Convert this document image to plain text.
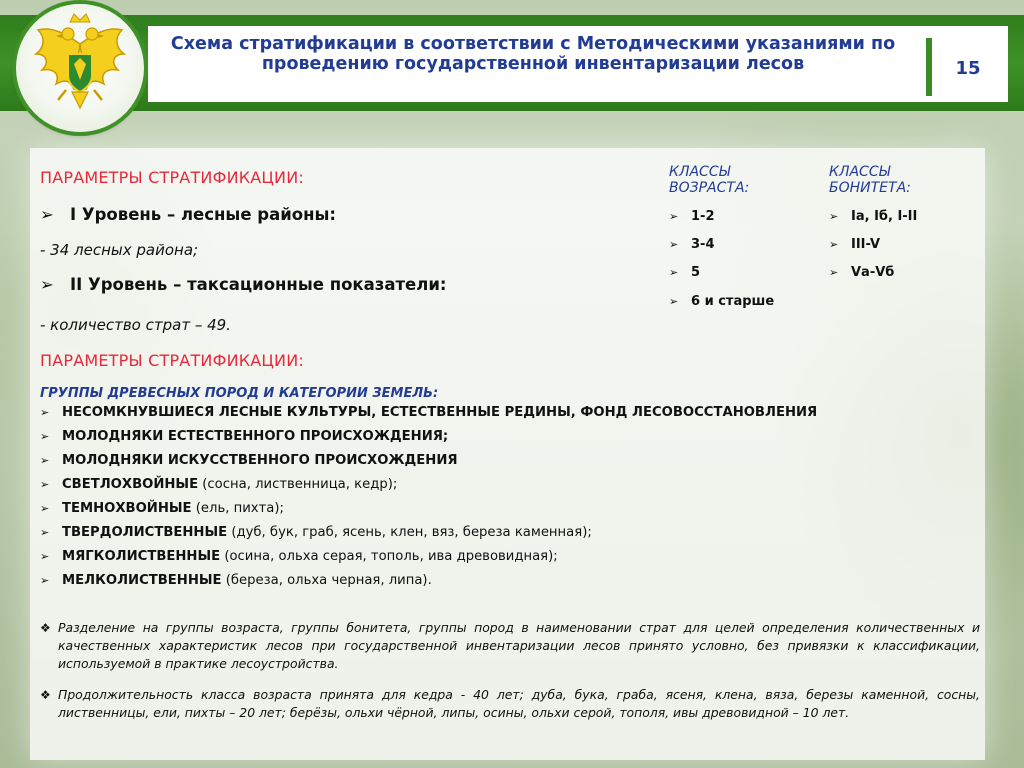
Схема стратификации в соответствии с Методическими указаниями по проведению государственной инвентаризации лесов	15
ПАРАМЕТРЫ СТРАТИФИКАЦИИ:
➢ I Уровень – лесные районы:
- 34 лесных района;
➢ II Уровень – таксационные показатели:
- количество страт – 49.
КЛАССЫ ВОЗРАСТА:
➢ 1-2
➢ 3-4
➢ 5
➢ 6 и старше
КЛАССЫ БОНИТЕТА:
➢ Iа, Iб, I-II
➢ III-V
➢ Vа-Vб
ПАРАМЕТРЫ СТРАТИФИКАЦИИ:
ГРУППЫ ДРЕВЕСНЫХ ПОРОД И КАТЕГОРИИ ЗЕМЕЛЬ:
➢ НЕСОМКНУВШИЕСЯ ЛЕСНЫЕ КУЛЬТУРЫ, ЕСТЕСТВЕННЫЕ РЕДИНЫ, ФОНД ЛЕСОВОССТАНОВЛЕНИЯ
➢ МОЛОДНЯКИ ЕСТЕСТВЕННОГО ПРОИСХОЖДЕНИЯ;
➢ МОЛОДНЯКИ ИСКУССТВЕННОГО ПРОИСХОЖДЕНИЯ
➢ СВЕТЛОХВОЙНЫЕ (сосна, лиственница, кедр);
➢ ТЕМНОХВОЙНЫЕ (ель, пихта);
➢ ТВЕРДОЛИСТВЕННЫЕ (дуб, бук, граб, ясень, клен, вяз, береза каменная);
➢ МЯГКОЛИСТВЕННЫЕ (осина, ольха серая, тополь, ива древовидная);
➢ МЕЛКОЛИСТВЕННЫЕ (береза, ольха черная, липа).
❖ Разделение на группы возраста, группы бонитета, группы пород в наименовании страт для целей определения количественных и качественных характеристик лесов при государственной инвентаризации лесов принято условно, без привязки к классификации, используемой в практике лесоустройства.
❖ Продолжительность класса возраста принята для кедра - 40 лет; дуба, бука, граба, ясеня, клена, вяза, березы каменной, сосны, лиственницы, ели, пихты – 20 лет; берёзы, ольхи чёрной, липы, осины, ольхи серой, тополя, ивы древовидной – 10 лет.
